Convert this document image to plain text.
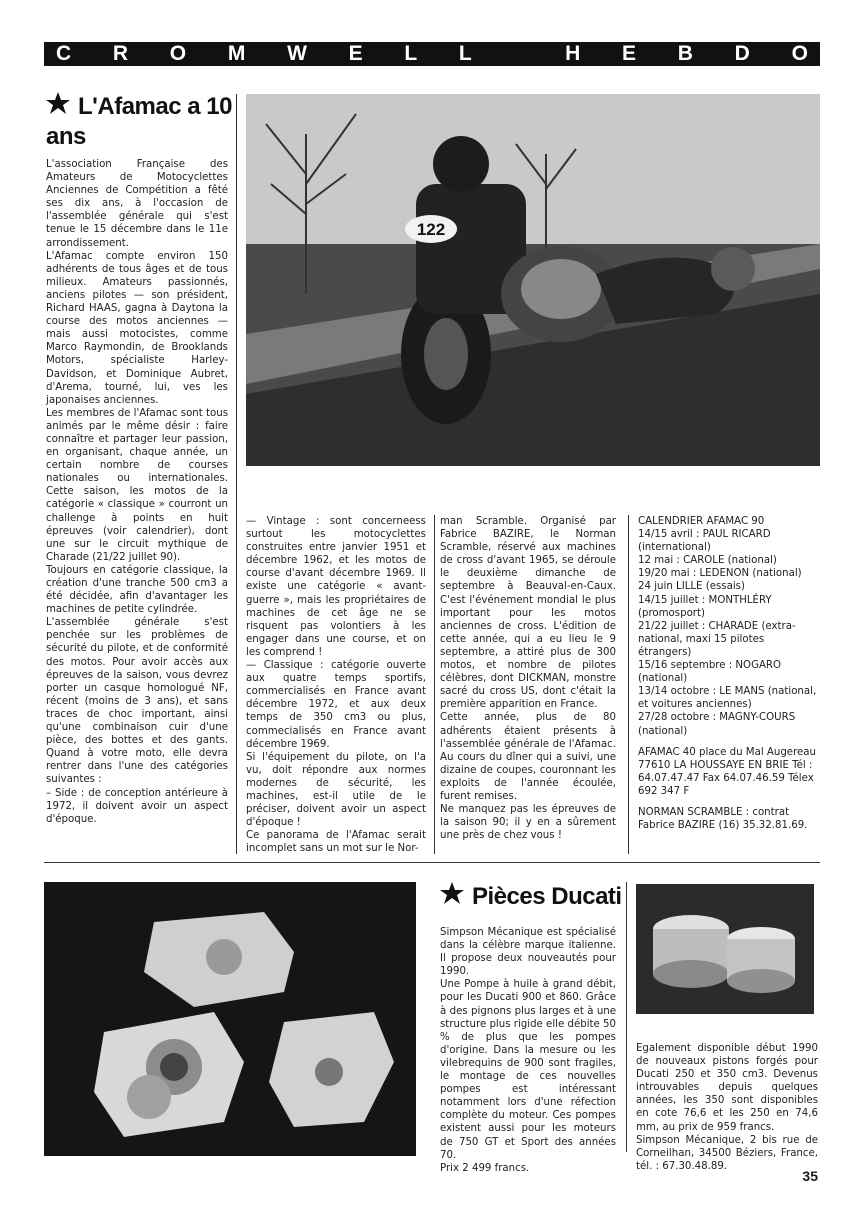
C R O M W E L L	H E B D O
L'Afamac a 10 ans

L'association Française des Amateurs de Motocyclettes Anciennes de Compétition a fêté ses dix ans, à l'occasion de l'assemblée générale qui s'est tenue le 15 décembre dans le 11e arrondissement.

L'Afamac compte environ 150 adhérents de tous âges et de tous milieux. Amateurs passionnés, anciens pilotes — son président, Richard HAAS, gagna à Daytona la course des motos anciennes — mais aussi motocistes, comme Marco Raymondin, de Brooklands Motors, spécialiste Harley-Davidson, et Dominique Aubret, d'Arema, tourné, lui, ves les japonaises anciennes.

Les membres de l'Afamac sont tous animés par le même désir : faire connaître et partager leur passion, en organisant, chaque année, un certain nombre de courses nationales ou internationales. Cette saison, les motos de la catégorie « classique » courront un challenge à points en huit épreuves (voir calendrier), dont une sur le circuit mythique de Charade (21/22 juillet 90).

Toujours en catégorie classique, la création d'une tranche 500 cm3 a été décidée, afin d'avantager les machines de petite cylindrée.

L'assemblée générale s'est penchée sur les problèmes de sécurité du pilote, et de conformité des motos. Pour avoir accès aux épreuves de la saison, vous devrez porter un casque homologué NF, récent (moins de 3 ans), et sans traces de choc important, ainsi qu'une combinaison cuir d'une pièce, des bottes et des gants. Quand à votre moto, elle devra rentrer dans l'une des catégories suivantes :

– Side : de conception antérieure à 1972, il doivent avoir un aspect d'époque.

122

— Vintage : sont concerneess surtout les motocyclettes construites entre janvier 1951 et décembre 1962, et les motos de course d'avant décembre 1969. Il existe une catégorie « avant-guerre », mais les propriétaires de machines de cet âge ne se risquent pas volontiers à les engager dans une course, et on les comprend !

— Classique : catégorie ouverte aux quatre temps sportifs, commercialisés en France avant décembre 1972, et aux deux temps de 350 cm3 ou plus, commecialisés en France avant décembre 1969.

Si l'équipement du pilote, on l'a vu, doit répondre aux normes modernes de sécurité, les machines, est-il utile de le préciser, doivent avoir un aspect d'époque !

Ce panorama de l'Afamac serait incomplet sans un mot sur le Nor-

man Scramble. Organisé par Fabrice BAZIRE, le Norman Scramble, réservé aux machines de cross d'avant 1965, se déroule le deuxième dimanche de septembre à Beauval-en-Caux. C'est l'événement mondial le plus important pour les motos anciennes de cross. L'édition de cette année, qui a eu lieu le 9 septembre, a attiré plus de 300 motos, et nombre de pilotes célèbres, dont DICKMAN, monstre sacré du cross US, dont c'était la première apparition en France.

Cette année, plus de 80 adhérents étaient présents à l'assemblée générale de l'Afamac. Au cours du dîner qui a suivi, une dizaine de coupes, couronnant les exploits de l'année écoulée, furent remises.

Ne manquez pas les épreuves de la saison 90; il y en a sûrement une près de chez vous !

CALENDRIER AFAMAC 90

14/15 avril : PAUL RICARD (international)

12 mai : CAROLE (national)

19/20 mai : LEDENON (national)

24 juin LILLE (essais)

14/15 juillet : MONTHLÉRY (promosport)

21/22 juillet : CHARADE (extra-national, maxi 15 pilotes étrangers)

15/16 septembre : NOGARO (national)

13/14 octobre : LE MANS (national, et voitures anciennes)

27/28 octobre : MAGNY-COURS (national)

AFAMAC 40 place du Mal Augereau 77610 LA HOUSSAYE EN BRIE Tél : 64.07.47.47 Fax 64.07.46.59 Télex 692 347 F

NORMAN SCRAMBLE : contrat Fabrice BAZIRE (16) 35.32.81.69.

Pièces Ducati

Simpson Mécanique est spécialisé dans la célèbre marque italienne. Il propose deux nouveautés pour 1990.

Une Pompe à huile à grand débit, pour les Ducati 900 et 860. Grâce à des pignons plus larges et à une structure plus rigide elle débite 50 % de plus que les pompes d'origine. Dans la mesure ou les vilebrequins de 900 sont fragiles, le montage de ces nouvelles pompes est intéressant notamment lors d'une réfection complète du moteur. Ces pompes existent aussi pour les moteurs de 750 GT et Sport des années 70.

Prix 2 499 francs.

Egalement disponible début 1990 de nouveaux pistons forgés pour Ducati 250 et 350 cm3. Devenus introuvables depuis quelques années, les 350 sont disponibles en cote 76,6 et les 250 en 74,6 mm, au prix de 959 francs.

Simpson Mécanique, 2 bis rue de Corneilhan, 34500 Béziers, France, tél. : 67.30.48.89.

35
